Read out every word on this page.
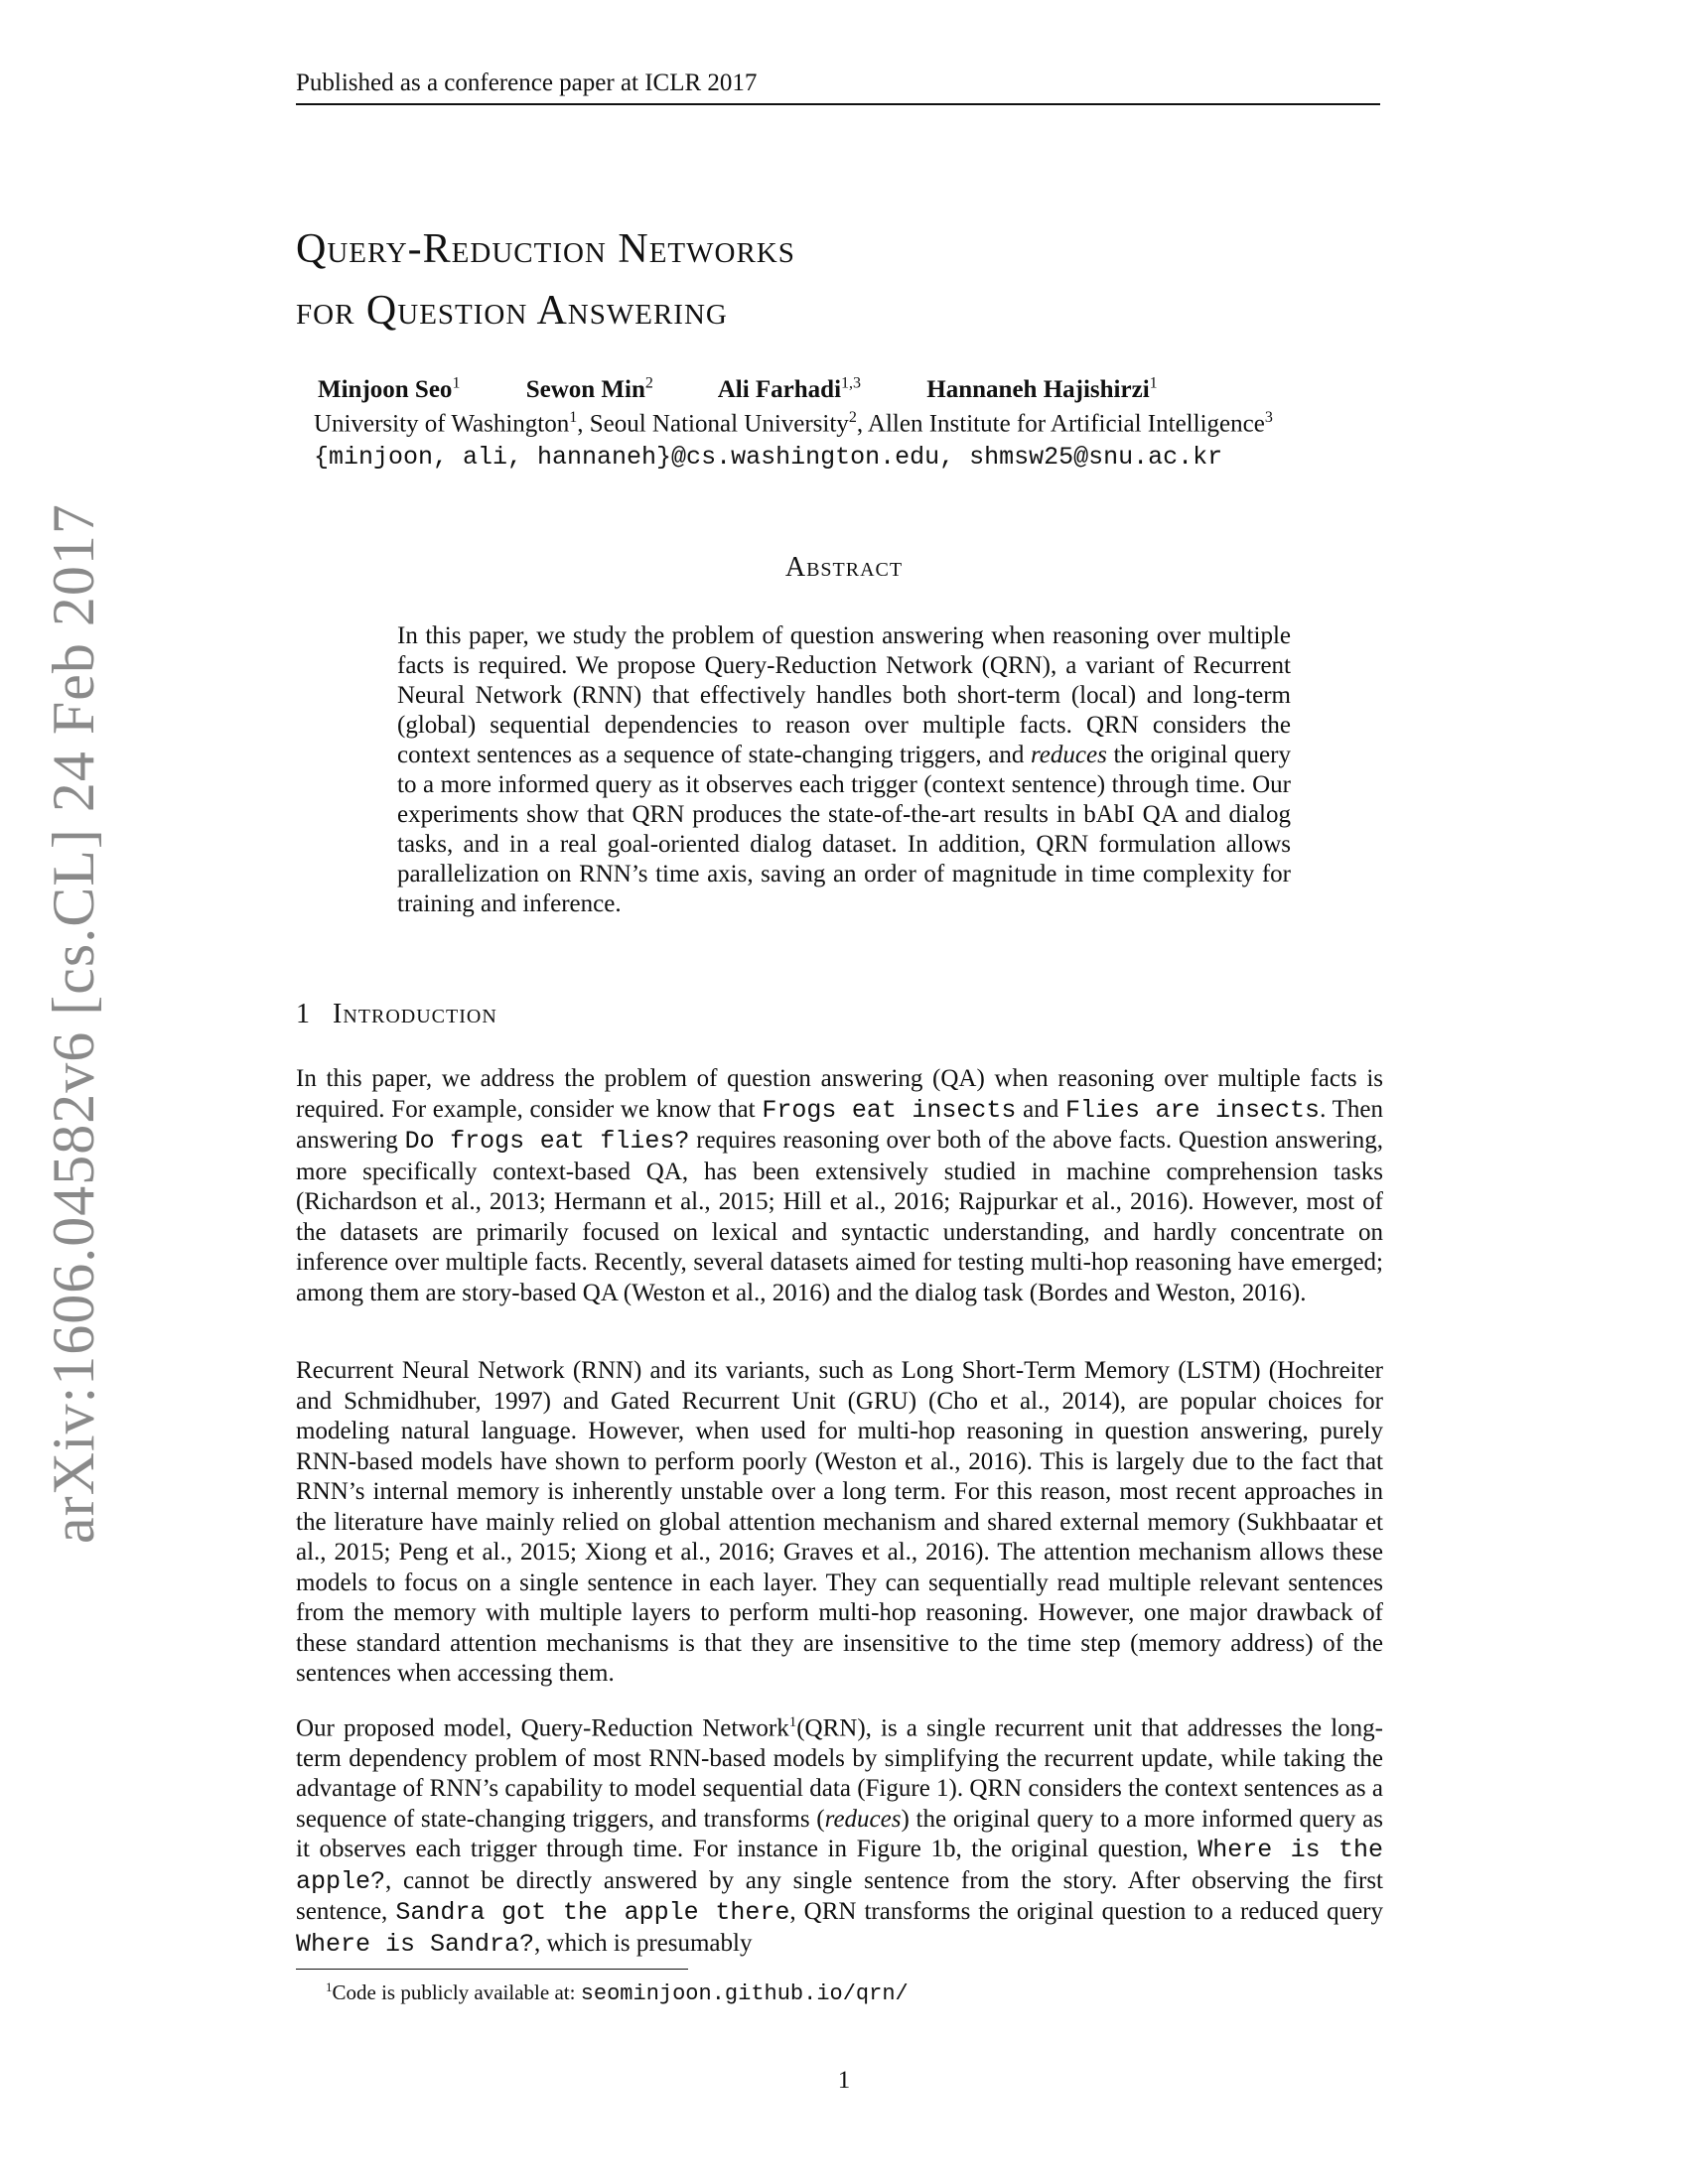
Published as a conference paper at ICLR 2017
arXiv:1606.04582v6 [cs.CL] 24 Feb 2017
Query-Reduction Networks
for Question Answering
Minjoon Seo$^1$	Sewon Min$^2$	Ali Farhadi$^{1,3}$	Hannaneh Hajishirzi$^1$
University of Washington$^1$, Seoul National University$^2$, Allen Institute for Artificial Intelligence$^3$
{minjoon, ali, hannaneh}@cs.washington.edu, shmsw25@snu.ac.kr
Abstract
In this paper, we study the problem of question answering when reasoning over multiple facts is required. We propose Query-Reduction Network (QRN), a variant of Recurrent Neural Network (RNN) that effectively handles both short-term (local) and long-term (global) sequential dependencies to reason over multiple facts. QRN considers the context sentences as a sequence of state-changing triggers, and reduces the original query to a more informed query as it observes each trigger (context sentence) through time. Our experiments show that QRN produces the state-of-the-art results in bAbI QA and dialog tasks, and in a real goal-oriented dialog dataset. In addition, QRN formulation allows parallelization on RNN’s time axis, saving an order of magnitude in time complexity for training and inference.
1 Introduction
In this paper, we address the problem of question answering (QA) when reasoning over multiple facts is required. For example, consider we know that Frogs eat insects and Flies are insects. Then answering Do frogs eat flies? requires reasoning over both of the above facts. Question answering, more specifically context-based QA, has been extensively studied in machine comprehension tasks (Richardson et al., 2013; Hermann et al., 2015; Hill et al., 2016; Rajpurkar et al., 2016). However, most of the datasets are primarily focused on lexical and syntactic understanding, and hardly concentrate on inference over multiple facts. Recently, several datasets aimed for testing multi-hop reasoning have emerged; among them are story-based QA (Weston et al., 2016) and the dialog task (Bordes and Weston, 2016).
Recurrent Neural Network (RNN) and its variants, such as Long Short-Term Memory (LSTM) (Hochreiter and Schmidhuber, 1997) and Gated Recurrent Unit (GRU) (Cho et al., 2014), are popular choices for modeling natural language. However, when used for multi-hop reasoning in question answering, purely RNN-based models have shown to perform poorly (Weston et al., 2016). This is largely due to the fact that RNN’s internal memory is inherently unstable over a long term. For this reason, most recent approaches in the literature have mainly relied on global attention mechanism and shared external memory (Sukhbaatar et al., 2015; Peng et al., 2015; Xiong et al., 2016; Graves et al., 2016). The attention mechanism allows these models to focus on a single sentence in each layer. They can sequentially read multiple relevant sentences from the memory with multiple layers to perform multi-hop reasoning. However, one major drawback of these standard attention mechanisms is that they are insensitive to the time step (memory address) of the sentences when accessing them.
Our proposed model, Query-Reduction Network$^1$(QRN), is a single recurrent unit that addresses the long-term dependency problem of most RNN-based models by simplifying the recurrent update, while taking the advantage of RNN’s capability to model sequential data (Figure 1). QRN considers the context sentences as a sequence of state-changing triggers, and transforms (reduces) the original query to a more informed query as it observes each trigger through time. For instance in Figure 1b, the original question, Where is the apple?, cannot be directly answered by any single sentence from the story. After observing the first sentence, Sandra got the apple there, QRN transforms the original question to a reduced query Where is Sandra?, which is presumably
$^1$Code is publicly available at: seominjoon.github.io/qrn/
1
